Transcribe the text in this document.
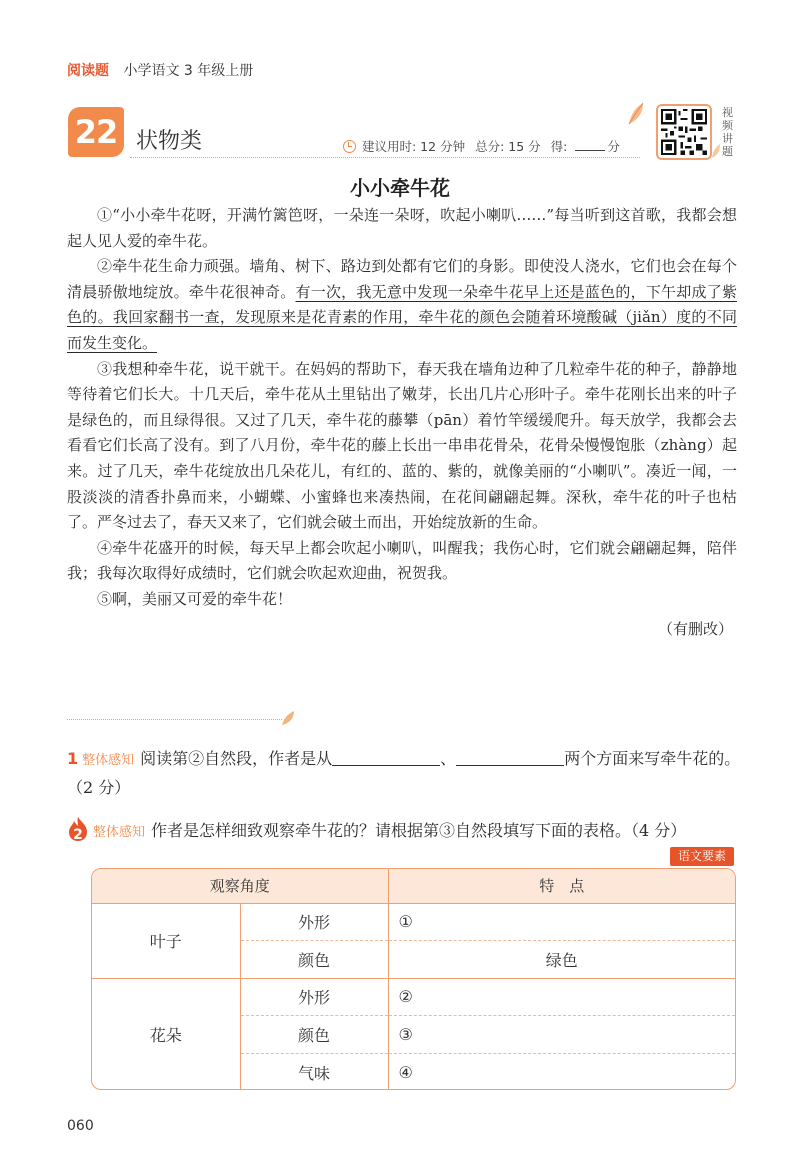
阅读题 小学语文 3 年级上册
22 状物类	建议用时: 12 分钟 总分: 15 分 得:	分
视频讲题
小小牵牛花

①“小小牵牛花呀，开满竹篱笆呀，一朵连一朵呀，吹起小喇叭……”每当听到这首歌，我都会想起人见人爱的牵牛花。

②牵牛花生命力顽强。墙角、树下、路边到处都有它们的身影。即使没人浇水，它们也会在每个清晨骄傲地绽放。牵牛花很神奇。有一次，我无意中发现一朵牵牛花早上还是蓝色的，下午却成了紫色的。我回家翻书一查，发现原来是花青素的作用，牵牛花的颜色会随着环境酸碱（jiǎn）度的不同而发生变化。

③我想种牵牛花，说干就干。在妈妈的帮助下，春天我在墙角边种了几粒牵牛花的种子，静静地等待着它们长大。十几天后，牵牛花从土里钻出了嫩芽，长出几片心形叶子。牵牛花刚长出来的叶子是绿色的，而且绿得很。又过了几天，牵牛花的藤攀（pān）着竹竿缓缓爬升。每天放学，我都会去看看它们长高了没有。到了八月份，牵牛花的藤上长出一串串花骨朵，花骨朵慢慢饱胀（zhàng）起来。过了几天，牵牛花绽放出几朵花儿，有红的、蓝的、紫的，就像美丽的“小喇叭”。凑近一闻，一股淡淡的清香扑鼻而来，小蝴蝶、小蜜蜂也来凑热闹，在花间翩翩起舞。深秋，牵牛花的叶子也枯了。严冬过去了，春天又来了，它们就会破土而出，开始绽放新的生命。

④牵牛花盛开的时候，每天早上都会吹起小喇叭，叫醒我；我伤心时，它们就会翩翩起舞，陪伴我；我每次取得好成绩时，它们就会吹起欢迎曲，祝贺我。

⑤啊，美丽又可爱的牵牛花！

（有删改）

1 整体感知 阅读第②自然段，作者是从	、	两个方面来写牵牛花的。（2 分）
2 整体感知 作者是怎样细致观察牵牛花的？请根据第③自然段填写下面的表格。（4 分）
语文要素
观察角度		特　点
叶子	外形	①
	颜色	绿色
花朵	外形	②
	颜色	③
	气味	④
060
